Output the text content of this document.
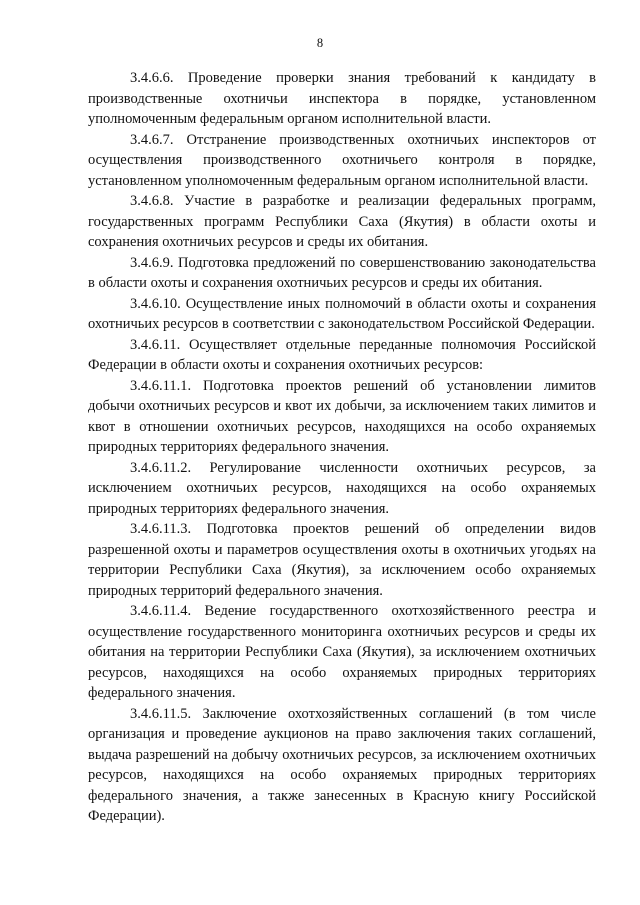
8

3.4.6.6. Проведение проверки знания требований к кандидату в производственные охотничьи инспектора в порядке, установленном уполномоченным федеральным органом исполнительной власти.

3.4.6.7. Отстранение производственных охотничьих инспекторов от осуществления производственного охотничьего контроля в порядке, установленном уполномоченным федеральным органом исполнительной власти.

3.4.6.8. Участие в разработке и реализации федеральных программ, государственных программ Республики Саха (Якутия) в области охоты и сохранения охотничьих ресурсов и среды их обитания.

3.4.6.9. Подготовка предложений по совершенствованию законодательства в области охоты и сохранения охотничьих ресурсов и среды их обитания.

3.4.6.10. Осуществление иных полномочий в области охоты и сохранения охотничьих ресурсов в соответствии с законодательством Российской Федерации.

3.4.6.11. Осуществляет отдельные переданные полномочия Российской Федерации в области охоты и сохранения охотничьих ресурсов:

3.4.6.11.1. Подготовка проектов решений об установлении лимитов добычи охотничьих ресурсов и квот их добычи, за исключением таких лимитов и квот в отношении охотничьих ресурсов, находящихся на особо охраняемых природных территориях федерального значения.

3.4.6.11.2. Регулирование численности охотничьих ресурсов, за исключением охотничьих ресурсов, находящихся на особо охраняемых природных территориях федерального значения.

3.4.6.11.3. Подготовка проектов решений об определении видов разрешенной охоты и параметров осуществления охоты в охотничьих угодьях на территории Республики Саха (Якутия), за исключением особо охраняемых природных территорий федерального значения.

3.4.6.11.4. Ведение государственного охотхозяйственного реестра и осуществление государственного мониторинга охотничьих ресурсов и среды их обитания на территории Республики Саха (Якутия), за исключением охотничьих ресурсов, находящихся на особо охраняемых природных территориях федерального значения.

3.4.6.11.5. Заключение охотхозяйственных соглашений (в том числе организация и проведение аукционов на право заключения таких соглашений, выдача разрешений на добычу охотничьих ресурсов, за исключением охотничьих ресурсов, находящихся на особо охраняемых природных территориях федерального значения, а также занесенных в Красную книгу Российской Федерации).
